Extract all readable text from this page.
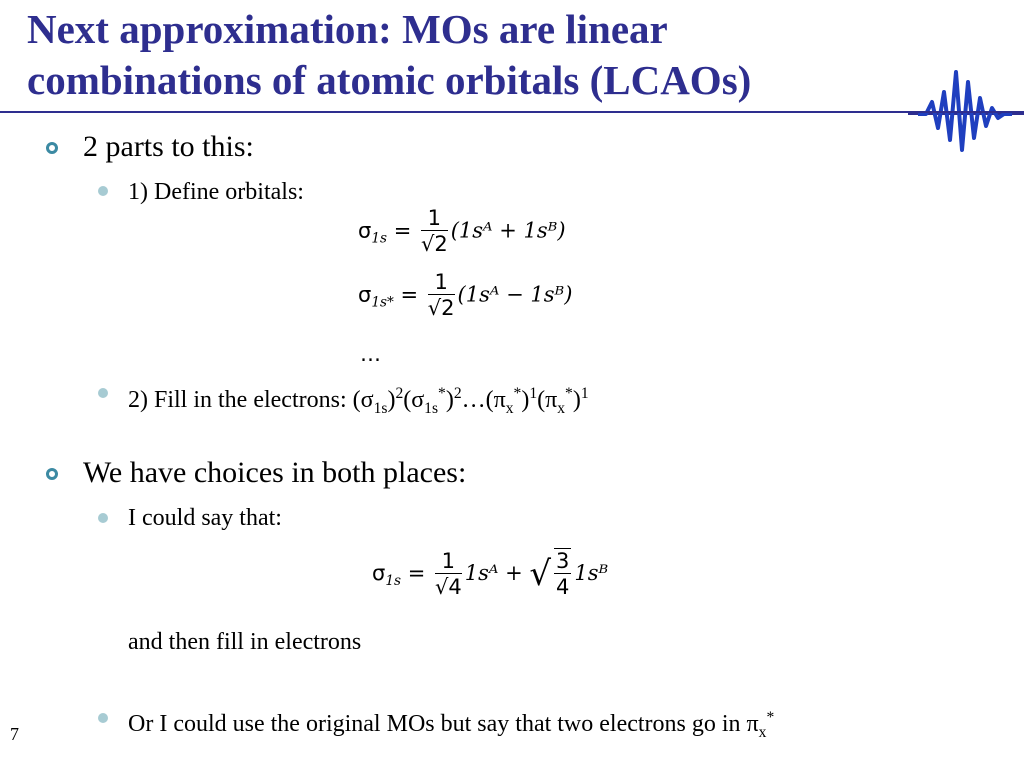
Next approximation: MOs are linear combinations of atomic orbitals (LCAOs)
2 parts to this:
1) Define orbitals:
$\sigma_{1s} = \frac{1}{√2}$ (1sᴬ + 1sᴮ)
$\sigma_{1s*} = \frac{1}{√2}$ (1sᴬ − 1sᴮ)
…
2) Fill in the electrons: $(\sigma_{1s})^2(\sigma_{1s}^*)^2\dots(\pi_x^*)^1(\pi_x^*)^1$
We have choices in both places:
I could say that:
$\sigma_{1s} = \frac{1}{√4}$ 1sᴬ + √ $\frac{3}{4}$ 1sᴮ
and then fill in electrons
Or I could use the original MOs but say that two electrons go in $\pi_x^*$
7
